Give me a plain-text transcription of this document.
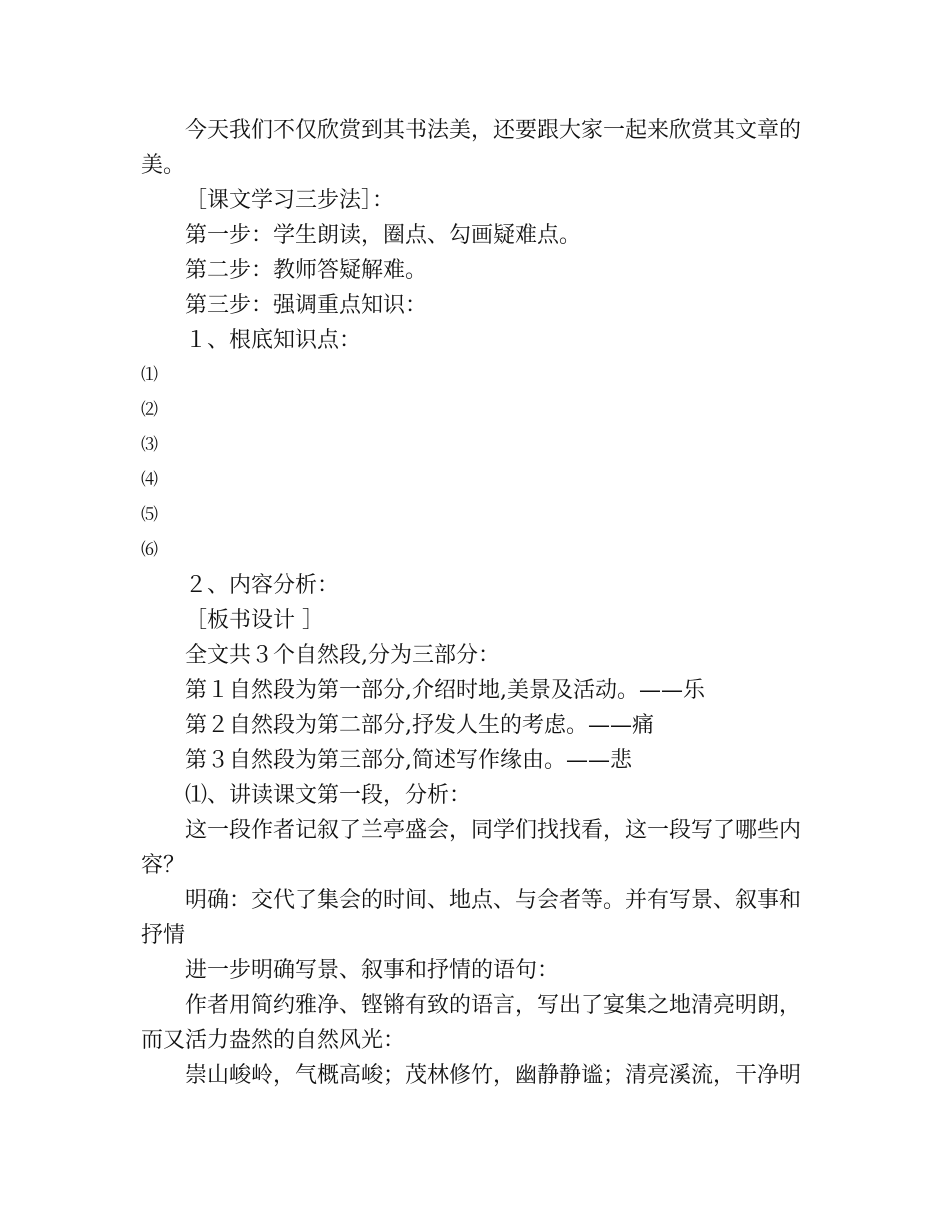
今天我们不仅欣赏到其书法美，还要跟大家一起来欣赏其文章的美。

［课文学习三步法］：

第一步：学生朗读，圈点、勾画疑难点。

第二步：教师答疑解难。

第三步：强调重点知识：

１、根底知识点：

⑴

⑵

⑶

⑷

⑸

⑹

２、内容分析：

［板书设计 ］

全文共３个自然段,分为三部分：

第１自然段为第一部分,介绍时地,美景及活动。——乐

第２自然段为第二部分,抒发人生的考虑。——痛

第３自然段为第三部分,简述写作缘由。——悲

⑴、讲读课文第一段，分析：

这一段作者记叙了兰亭盛会，同学们找找看，这一段写了哪些内容？

明确：交代了集会的时间、地点、与会者等。并有写景、叙事和抒情

进一步明确写景、叙事和抒情的语句：

作者用简约雅净、铿锵有致的语言，写出了宴集之地清亮明朗，而又活力盎然的自然风光：

崇山峻岭，气概高峻；茂林修竹，幽静静谧；清亮溪流，干净明
